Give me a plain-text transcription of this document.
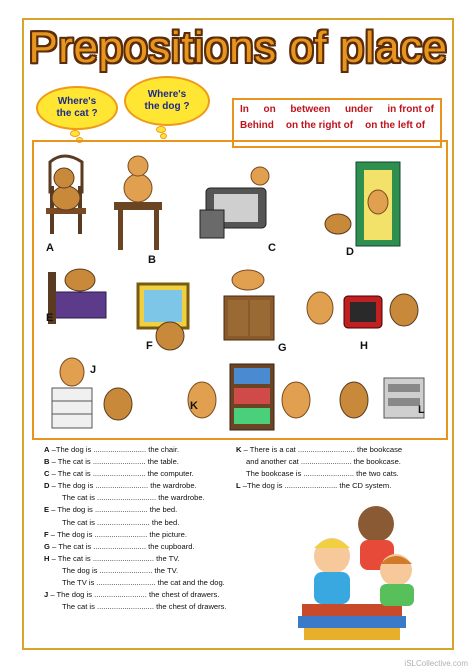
Prepositions of place
Where's the cat ?
Where's the dog ?	In on between under in front of
Behind on the right of on the left of
A
B
C	D
E
F	G	H
J
K	L
A –The dog is ......................... the chair.
B – The cat is ......................... the table.
C – The cat is ......................... the computer.
D – The dog is ......................... the wardrobe.
The cat is ............................ the wardrobe.
E – The dog is ......................... the bed.
The cat is ......................... the bed.
F – The dog is ......................... the picture.
G – The cat is ......................... the cupboard.
H – The cat is ............................. the TV.
The dog is ......................... the TV.
The TV is ............................ the cat and the dog.
J – The dog is ......................... the chest of drawers.
The cat is ........................... the chest of drawers.
K – There is a cat ........................... the bookcase
and another cat ........................ the bookcase.
The bookcase is ........................ the two cats.
L –The dog is ......................... the CD system.
iSLCollective.com
